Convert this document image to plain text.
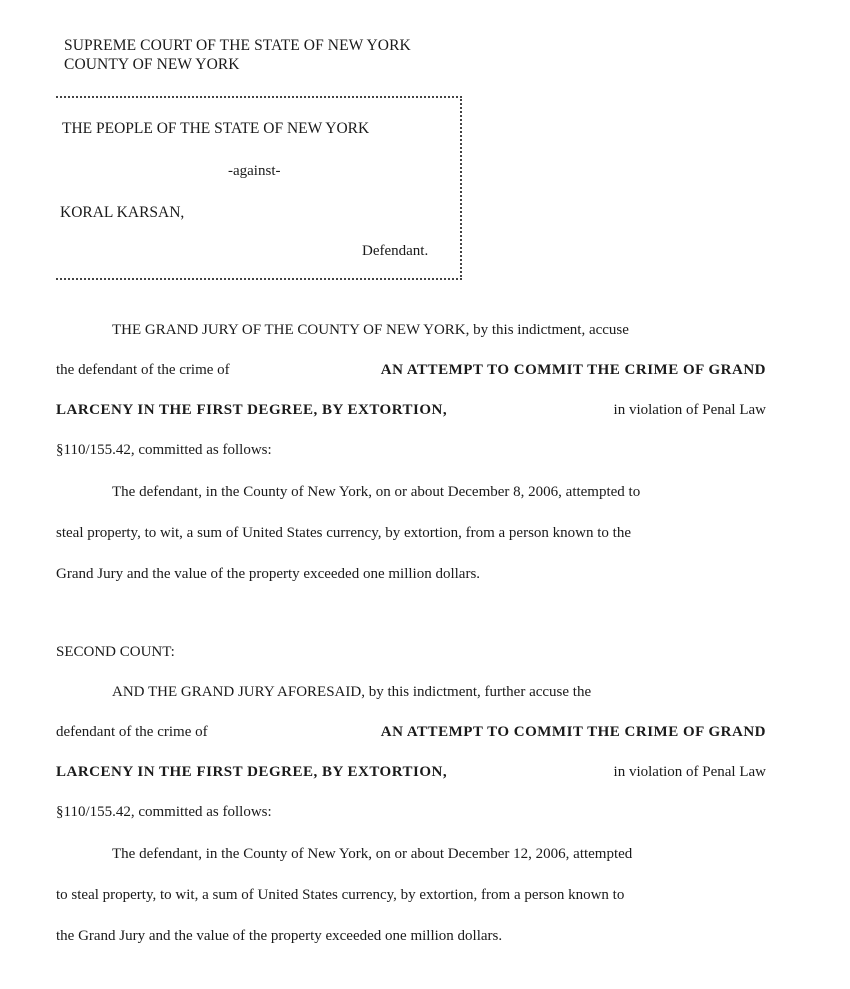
SUPREME COURT OF THE STATE OF NEW YORK
COUNTY OF NEW YORK
THE PEOPLE OF THE STATE OF NEW YORK
-against-
KORAL KARSAN,
Defendant.
THE GRAND JURY OF THE COUNTY OF NEW YORK, by this indictment, accuse
the defendant of the crime of	AN ATTEMPT TO COMMIT THE CRIME OF GRAND
LARCENY IN THE FIRST DEGREE, BY EXTORTION,	in violation of Penal Law
§110/155.42, committed as follows:
The defendant, in the County of New York, on or about December 8, 2006, attempted to
steal property, to wit, a sum of United States currency, by extortion, from a person known to the
Grand Jury and the value of the property exceeded one million dollars.
SECOND COUNT:
AND THE GRAND JURY AFORESAID, by this indictment, further accuse the
defendant of the crime of	AN ATTEMPT TO COMMIT THE CRIME OF GRAND
LARCENY IN THE FIRST DEGREE, BY EXTORTION,	in violation of Penal Law
§110/155.42, committed as follows:
The defendant, in the County of New York, on or about December 12, 2006, attempted
to steal property, to wit, a sum of United States currency, by extortion, from a person known to
the Grand Jury and the value of the property exceeded one million dollars.
